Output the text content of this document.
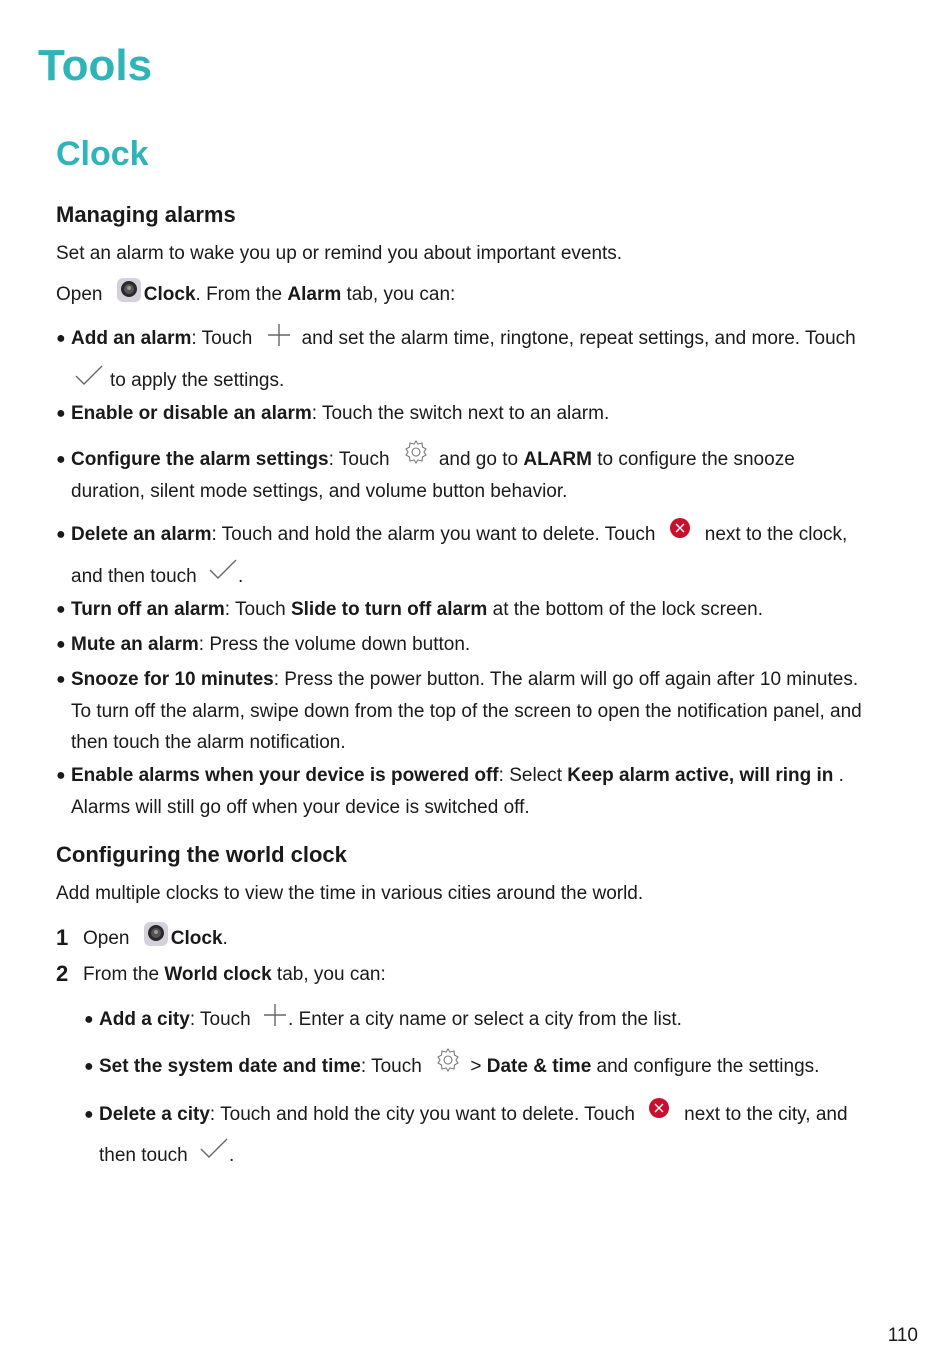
Tools
Clock
Managing alarms
Set an alarm to wake you up or remind you about important events.
Open Clock. From the Alarm tab, you can:
● Add an alarm: Touch	and set the alarm time, ringtone, repeat settings, and more. Touch
to apply the settings.
● Enable or disable an alarm: Touch the switch next to an alarm.
● Configure the alarm settings: Touch	and go to ALARM to configure the snooze
duration, silent mode settings, and volume button behavior.
● Delete an alarm: Touch and hold the alarm you want to delete. Touch	next to the clock,
and then touch .
● Turn off an alarm: Touch Slide to turn off alarm at the bottom of the lock screen.
● Mute an alarm: Press the volume down button.
● Snooze for 10 minutes: Press the power button. The alarm will go off again after 10 minutes.
To turn off the alarm, swipe down from the top of the screen to open the notification panel, and
then touch the alarm notification.
● Enable alarms when your device is powered off: Select Keep alarm active, will ring in .
Alarms will still go off when your device is switched off.
Configuring the world clock
Add multiple clocks to view the time in various cities around the world.
1 Open Clock.
2 From the World clock tab, you can:
● Add a city: Touch . Enter a city name or select a city from the list.
● Set the system date and time: Touch
> Date & time and configure the settings.
● Delete a city: Touch and hold the city you want to delete. Touch	next to the city, and
then touch .
110
